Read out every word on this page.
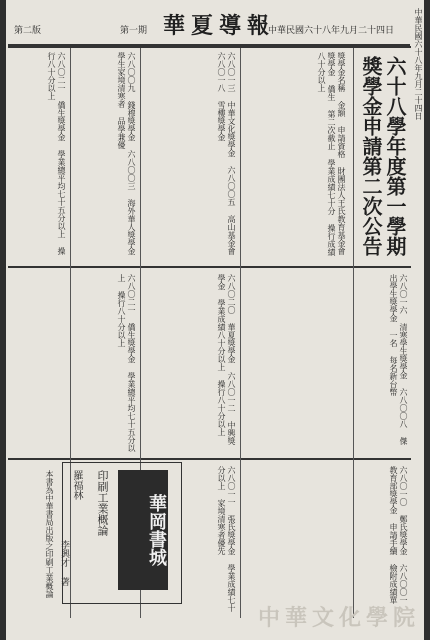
中華民國六十八年九月二十四日
第二版	第一期 華夏導報
中華民國六十八年九月二十四日
六十八學年度第一學期獎學金申請第二次公告
獎學金名稱 金額 申請資格 財團法人王氏教育基金會獎學金 僑生 第二次截止 學業成績七十分 操行成績八十分以上
六八〇一三 中華文化獎學金 六八〇〇五 高山基金會 六八〇一八 雪樓獎學金
六八〇〇九 錢穆獎學金 六八〇〇三 海外華人獎學金 學生家境清寒者 品學兼優
六八〇二一 僑生獎學金 學業總平均七十五分以上 操行八十分以上
六八〇一六 清寒學生獎學金 六八〇〇八 傑出學生獎學金 一名 每名新台幣
六八〇二〇 華夏獎學金 六八〇一二 中興獎學金 學業成績八十分以上 操行八十分以上
六八〇二一 僑生獎學金 學業總平均七十五分以上 操行八十分以上
六八〇一〇 鄭氏獎學金 六八〇〇一 教育部獎學金 申請手續 檢附成績單
六八〇一一 張氏獎學金 學業成績七十分以上 家境清寒者優先
華岡書城
印刷工業概論
羅福林
李興才 著
本書為中華書局出版之印刷工業概論
中華文化學院
